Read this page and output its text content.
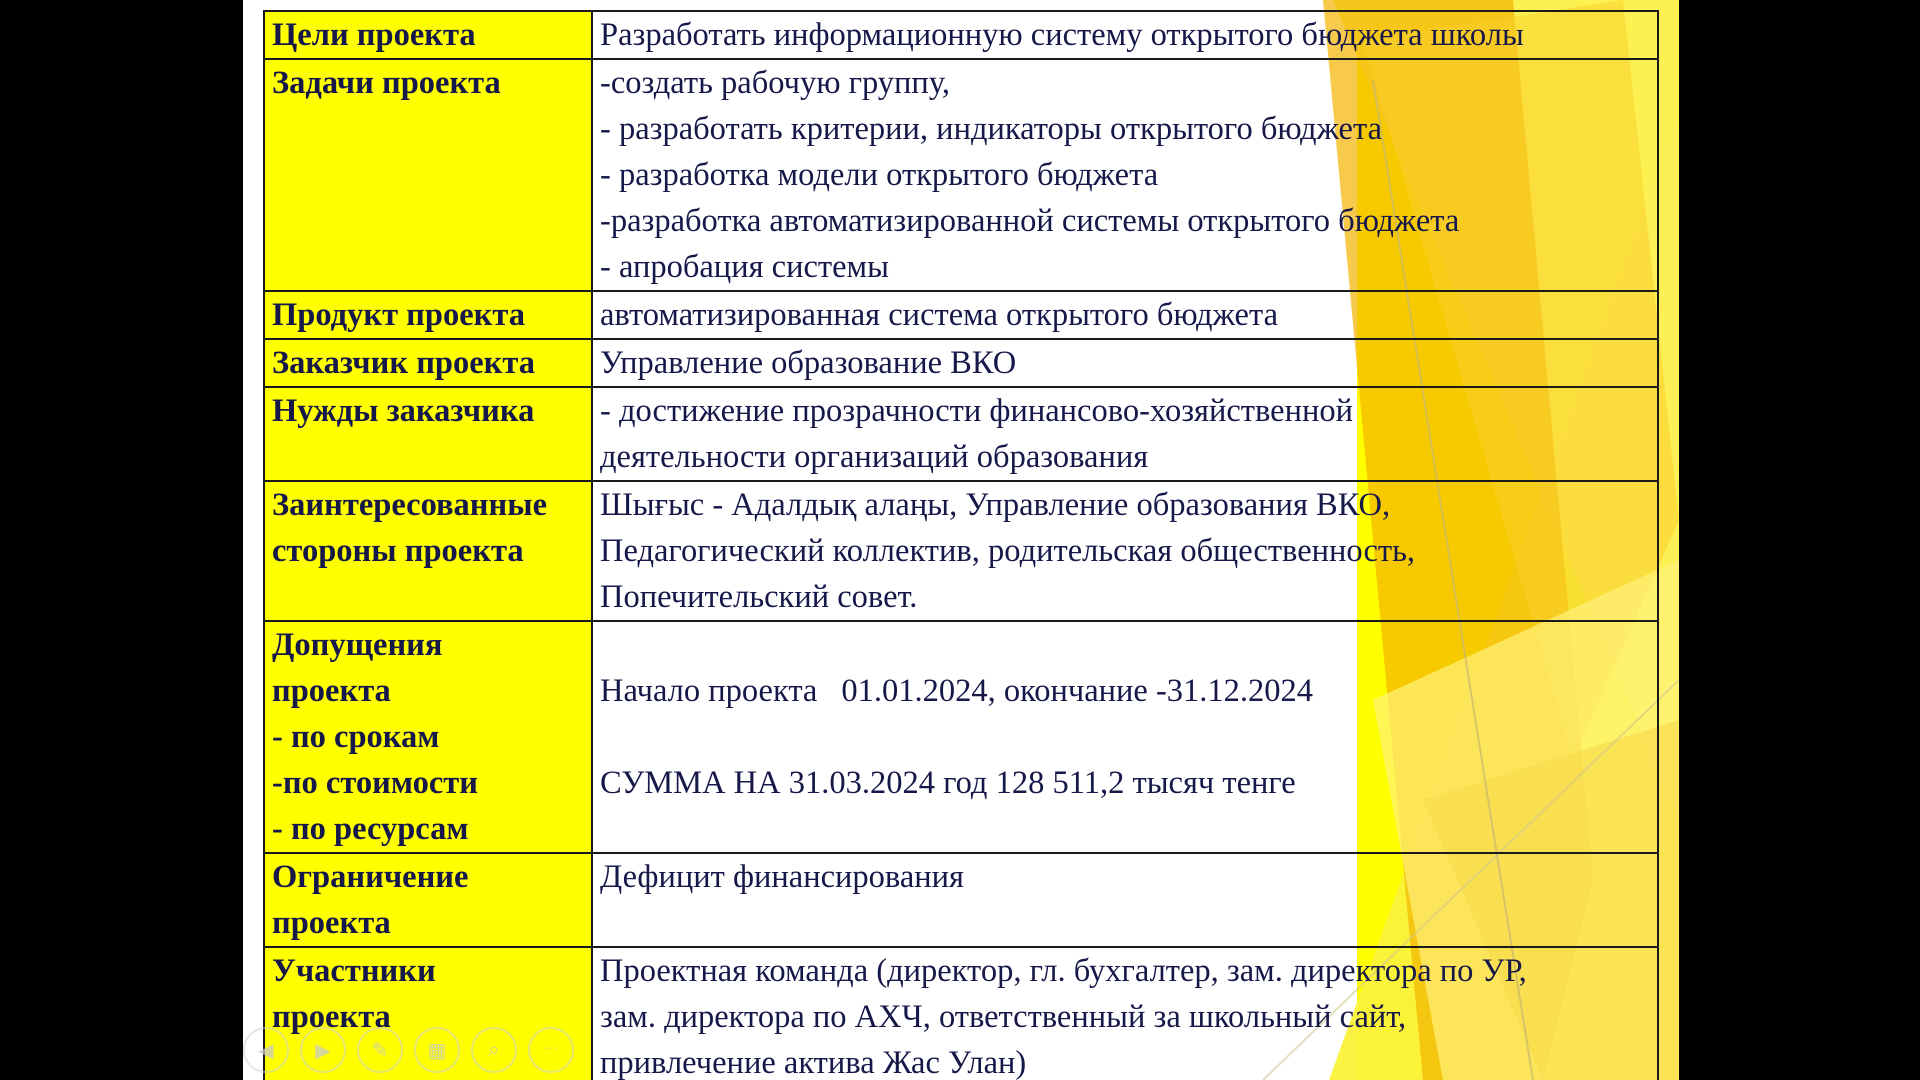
Цели проекта	Разработать информационную систему открытого бюджета школы

Задачи проекта	-создать рабочую группу,
- разработать критерии, индикаторы открытого бюджета
- разработка модели открытого бюджета
-разработка автоматизированной системы открытого бюджета
- апробация системы

Продукт проекта	автоматизированная система открытого бюджета

Заказчик проекта	Управление образование ВКО

Нужды заказчика	- достижение прозрачности финансово-хозяйственной
деятельности организаций образования

Заинтересованные
стороны проекта	Шығыс - Адалдық алаңы, Управление образования ВКО,
Педагогический коллектив, родительская общественность,
Попечительский совет.

Допущения
проекта
- по срокам
-по стоимости
- по ресурсам	Начало проекта 01.01.2024, окончание -31.12.2024
СУММА НА 31.03.2024 год 128 511,2 тысяч тенге

Ограничение
проекта	Дефицит финансирования

Участники
проекта	Проектная команда (директор, гл. бухгалтер, зам. директора по УР,
зам. директора по АХЧ, ответственный за школьный сайт,
привлечение актива Жас Улан)
◀	▶	✎	▦	⌕	···
